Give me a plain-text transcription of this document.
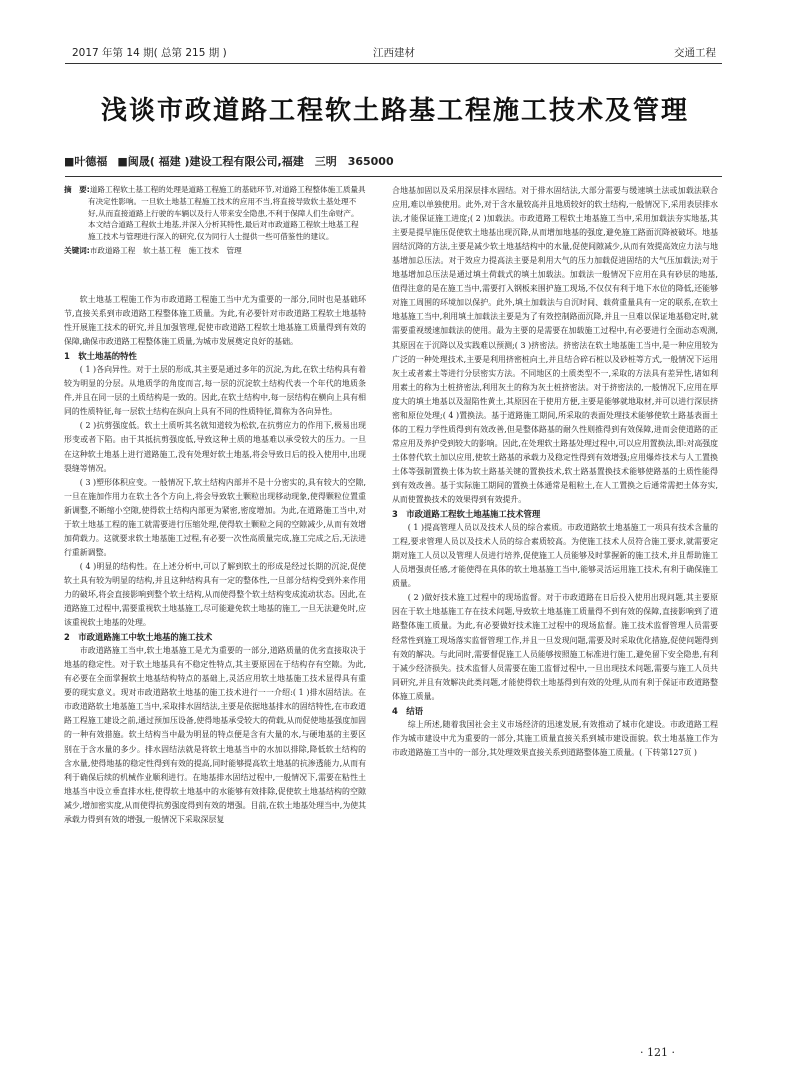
2017 年第 14 期( 总第 215 期 )	江西建材	交通工程
浅谈市政道路工程软土路基工程施工技术及管理
■叶德福 ■闽晟( 福建 )建设工程有限公司,福建　三明　365000
摘　要:道路工程软土基工程的处理是道路工程施工的基础环节,对道路工程整体施工质量具有决定性影响。一旦软土地基工程施工技术的应用不当,将直接导致软土基处理不好,从而直接道路上行驶的车辆以及行人带来安全隐患,不利于保障人们生命财产。本文结合道路工程软土地基,并深入分析其特性,最后对市政道路工程软土地基工程施工技术与管理进行深入的研究,仅为同行人士提供一些可借鉴性的建议。
关键词:市政道路工程　软土基工程　施工技术　管理

软土地基工程施工作为市政道路工程施工当中尤为重要的一部分,同时也是基础环节,直接关系到市政道路工程整体施工质量。为此,有必要针对市政道路工程软土地基特性开展施工技术的研究,并且加强管理,促使市政道路工程软土地基施工质量得到有效的保障,确保市政道路工程整体施工质量,为城市发展奠定良好的基础。

1　软土地基的特性

( 1 )各向异性。对于土层的形成,其主要是通过多年的沉淀,为此,在软土结构具有着较为明显的分层。从地质学的角度而言,每一层的沉淀软土结构代表一个年代的地质条件,并且在同一层的土质结构是一致的。因此,在软土结构中,每一层结构在横向上具有相同的性质特征,每一层软土结构在纵向上具有不同的性质特征,简称为各向异性。

( 2 )抗剪强度低。软土土质听其名就知道较为松软,在抗剪应力的作用下,极易出现形变或者下陷。由于其抵抗剪强度低,导致这种土质的地基难以承受较大的压力。一旦在这种软土地基上进行道路施工,没有处理好软土地基,将会导致日后的投入使用中,出现裂缝等情况。

( 3 )塑形体积应变。一般情况下,软土结构内部并不是十分密实的,具有较大的空隙,一旦在施加作用力在软土各个方向上,将会导致软土颗粒出现移动现象,使得颗粒位置重新调整,不断缩小空隙,使得软土结构内部更为紧密,密度增加。为此,在道路施工当中,对于软土地基工程的施工就需要进行压缩处理,使得软土颗粒之间的空隙减少,从而有效增加荷载力。这就要求软土地基施工过程,有必要一次性高质量完成,施工完成之后,无法进行重新调整。

( 4 )明显的结构性。在上述分析中,可以了解到软土的形成是经过长期的沉淀,促使软土具有较为明显的结构,并且这种结构具有一定的整体性,一旦部分结构受到外来作用力的破坏,将会直接影响到整个软土结构,从而使得整个软土结构变成流动状态。因此,在道路施工过程中,需要重视软土地基施工,尽可能避免软土地基的施工,一旦无法避免时,应该重视软土地基的处理。

2　市政道路施工中软土地基的施工技术

市政道路施工当中,软土地基施工是尤为重要的一部分,道路质量的优劣直接取决于地基的稳定性。对于软土地基具有不稳定性特点,其主要原因在于结构存有空隙。为此,有必要在全面掌握软土地基结构特点的基础上,灵活应用软土地基施工技术显得具有重要的现实意义。现对市政道路软土地基的施工技术进行一一介绍:( 1 )排水固结法。在市政道路软土地基施工当中,采取排水固结法,主要是依据地基排水的固结特性,在市政道路工程施工建设之前,通过预加压设备,使得地基承受较大的荷载,从而促使地基强度加固的一种有效措施。软土结构当中最为明显的特点便是含有大量的水,与硬地基的主要区别在于含水量的多少。排水固结法就是将软土地基当中的水加以排除,降低软土结构的含水量,使得地基的稳定性得到有效的提高,同时能够提高软土地基的抗渗透能力,从而有利于确保后续的机械作业顺利进行。在地基排水固结过程中,一般情况下,需要在粘性土地基当中设立垂直排水柱,使得软土地基中的水能够有效排除,促使软土地基结构的空隙减少,增加密实度,从而使得抗剪强度得到有效的增强。目前,在软土地基处理当中,为使其承载力得到有效的增强,一般情况下采取深层复

合地基加固以及采用深层排水固结。对于排水固结法,大部分需要与缓速填土法或加载法联合应用,难以单独使用。此外,对于含水量较高并且地质较好的软土结构,一般情况下,采用表层排水法,才能保证施工进度;( 2 )加载法。市政道路工程软土地基施工当中,采用加载法夯实地基,其主要是提早施压促使软土地基出现沉降,从而增加地基的强度,避免施工路面沉降被破坏。地基固结沉降的方法,主要是减少软土地基结构中的水量,促使间隙减少,从而有效提高效应力法与地基增加总压法。对于效应力提高法主要是利用大气的压力加载促进固结的大气压加载法;对于地基增加总压法是通过填土荷载式的填土加载法。加载法一般情况下应用在具有砂层的地基,值得注意的是在施工当中,需要打入钢板来围护施工现场,不仅仅有利于地下水位的降低,还能够对施工周围的环境加以保护。此外,填土加载法与自沉时间、载荷重量具有一定的联系,在软土地基施工当中,利用填土加载法主要是为了有效控制路面沉降,并且一旦难以保证地基稳定时,就需要重视缓速加载法的使用。最为主要的是需要在加载施工过程中,有必要进行全面动态观测,其原因在于沉降以及实践难以预测;( 3 )挤密法。挤密法在软土地基施工当中,是一种应用较为广泛的一种处理技术,主要是利用挤密桩向土,并且结合碎石桩以及砂桩等方式,一般情况下运用灰土或者素土等进行分层密实方法。不同地区的土质类型不一,采取的方法具有差异性,诸如利用素土的称为土桩挤密法,利用灰土的称为灰土桩挤密法。对于挤密法的,一般情况下,应用在厚度大的填土地基以及湿陷性黄土,其原因在于使用方便,主要是能够就地取材,并可以进行深层挤密和原位处理;( 4 )置换法。基于道路施工期间,所采取的表面处理技术能够使软土路基表面土体的工程力学性质得到有效改善,但是整体路基的耐久性则推得到有效保障,进而会使道路的正常应用及养护受到较大的影响。因此,在处理软土路基处理过程中,可以应用置换法,即:对高强度土体替代软土加以应用,使软土路基的承载力及稳定性得到有效增强;应用爆炸技术与人工置换土体等强制置换土体为软土路基关键的置换技术,软土路基置换技术能够使路基的土质性能得到有效改善。基于实际施工期间的置换土体通常是粗粒土,在人工置换之后通常需把土体夯实,从而使置换技术的效果得到有效提升。

3　市政道路工程软土地基施工技术管理

( 1 )提高管理人员以及技术人员的综合素质。市政道路软土地基施工一项具有技术含量的工程,要求管理人员以及技术人员的综合素质较高。为使施工技术人员符合施工要求,就需要定期对施工人员以及管理人员进行培养,促使施工人员能够及时掌握新的施工技术,并且帮助施工人员增强责任感,才能使得在具体的软土地基施工当中,能够灵活运用施工技术,有利于确保施工质量。

( 2 )做好技术施工过程中的现场监督。对于市政道路在日后投入使用出现问题,其主要原因在于软土地基施工存在技术问题,导致软土地基施工质量得不到有效的保障,直接影响到了道路整体施工质量。为此,有必要做好技术施工过程中的现场监督。施工技术监督管理人员需要经常性到施工现场落实监督管理工作,并且一旦发现问题,需要及时采取优化措施,促使问题得到有效的解决。与此同时,需要督促施工人员能够按照施工标准进行施工,避免留下安全隐患,有利于减少经济损失。技术监督人员需要在施工监督过程中,一旦出现技术问题,需要与施工人员共同研究,并且有效解决此类问题,才能使得软土地基得到有效的处理,从而有利于保证市政道路整体施工质量。

4　结语

综上所述,随着我国社会主义市场经济的迅速发展,有效推动了城市化建设。市政道路工程作为城市建设中尤为重要的一部分,其施工质量直接关系到城市建设面貌。软土地基施工作为市政道路施工当中的一部分,其处理效果直接关系到道路整体施工质量。( 下转第127页 )

· 121 ·
